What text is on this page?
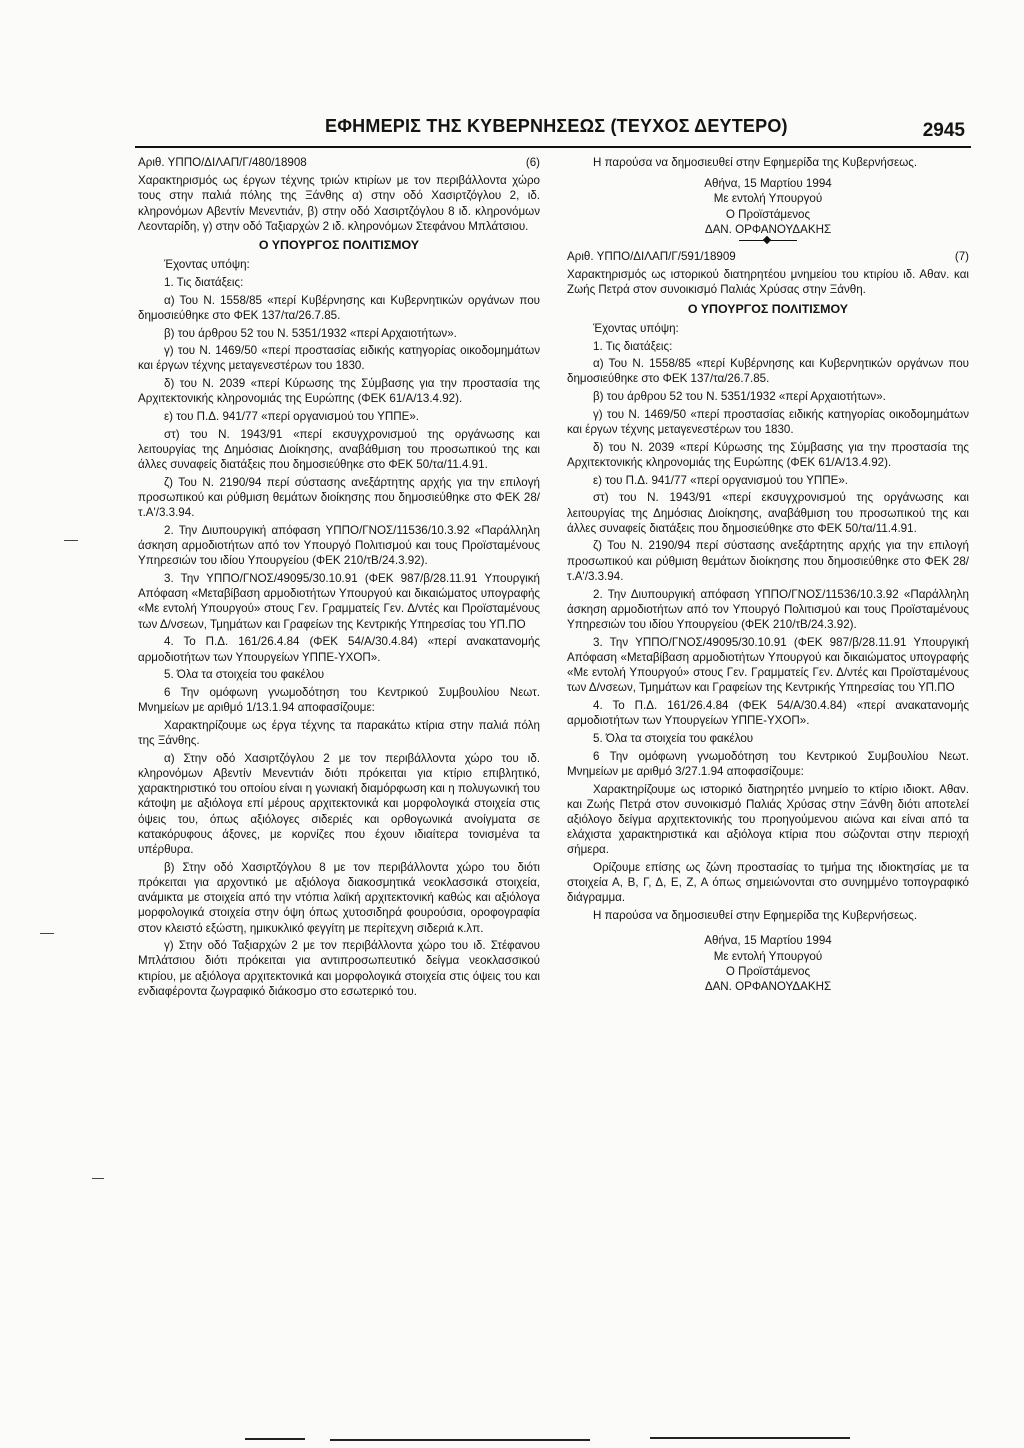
ΕΦΗΜΕΡΙΣ ΤΗΣ ΚΥΒΕΡΝΗΣΕΩΣ (ΤΕΥΧΟΣ ΔΕΥΤΕΡΟ)	2945
Αριθ. ΥΠΠΟ/ΔΙΛΑΠ/Γ/480/18908	(6)

Χαρακτηρισμός ως έργων τέχνης τριών κτιρίων με τον περιβάλλοντα χώρο τους στην παλιά πόλης της Ξάνθης α) στην οδό Χασιρτζόγλου 2, ιδ. κληρονόμων Αβεντίν Μενεντιάν, β) στην οδό Χασιρτζόγλου 8 ιδ. κληρονόμων Λεονταρίδη, γ) στην οδό Ταξιαρχών 2 ιδ. κληρονόμων Στεφάνου Μπλάτσιου.

Ο ΥΠΟΥΡΓΟΣ ΠΟΛΙΤΙΣΜΟΥ

Έχοντας υπόψη:

1. Τις διατάξεις:

α) Του Ν. 1558/85 «περί Κυβέρνησης και Κυβερνητικών οργάνων που δημοσιεύθηκε στο ΦΕΚ 137/τα/26.7.85.

β) του άρθρου 52 του Ν. 5351/1932 «περί Αρχαιοτήτων».

γ) του Ν. 1469/50 «περί προστασίας ειδικής κατηγορίας οικοδομημάτων και έργων τέχνης μεταγενεστέρων του 1830.

δ) του Ν. 2039 «περί Κύρωσης της Σύμβασης για την προστασία της Αρχιτεκτονικής κληρονομιάς της Ευρώπης (ΦΕΚ 61/Α/13.4.92).

ε) του Π.Δ. 941/77 «περί οργανισμού του ΥΠΠΕ».

στ) του Ν. 1943/91 «περί εκσυγχρονισμού της οργάνωσης και λειτουργίας της Δημόσιας Διοίκησης, αναβάθμιση του προσωπικού της και άλλες συναφείς διατάξεις που δημοσιεύθηκε στο ΦΕΚ 50/τα/11.4.91.

ζ) Του Ν. 2190/94 περί σύστασης ανεξάρτητης αρχής για την επιλογή προσωπικού και ρύθμιση θεμάτων διοίκησης που δημοσιεύθηκε στο ΦΕΚ 28/τ.Α'/3.3.94.

2. Την Διυπουργική απόφαση ΥΠΠΟ/ΓΝΟΣ/11536/10.3.92 «Παράλληλη άσκηση αρμοδιοτήτων από τον Υπουργό Πολιτισμού και τους Προϊσταμένους Υπηρεσιών του ιδίου Υπουργείου (ΦΕΚ 210/τΒ/24.3.92).

3. Την ΥΠΠΟ/ΓΝΟΣ/49095/30.10.91 (ΦΕΚ 987/β/28.11.91 Υπουργική Απόφαση «Μεταβίβαση αρμοδιοτήτων Υπουργού και δικαιώματος υπογραφής «Με εντολή Υπουργού» στους Γεν. Γραμματείς Γεν. Δ/ντές και Προϊσταμένους των Δ/νσεων, Τμημάτων και Γραφείων της Κεντρικής Υπηρεσίας του ΥΠ.ΠΟ

4. Το Π.Δ. 161/26.4.84 (ΦΕΚ 54/Α/30.4.84) «περί ανακατανομής αρμοδιοτήτων των Υπουργείων ΥΠΠΕ-ΥΧΟΠ».

5. Όλα τα στοιχεία του φακέλου

6 Την ομόφωνη γνωμοδότηση του Κεντρικού Συμβουλίου Νεωτ. Μνημείων με αριθμό 1/13.1.94 αποφασίζουμε:

Χαρακτηρίζουμε ως έργα τέχνης τα παρακάτω κτίρια στην παλιά πόλη της Ξάνθης.

α) Στην οδό Χασιρτζόγλου 2 με τον περιβάλλοντα χώρο του ιδ. κληρονόμων Αβεντίν Μενεντιάν διότι πρόκειται για κτίριο επιβλητικό, χαρακτηριστικό του οποίου είναι η γωνιακή διαμόρφωση και η πολυγωνική του κάτοψη με αξιόλογα επί μέρους αρχιτεκτονικά και μορφολογικά στοιχεία στις όψεις του, όπως αξιόλογες σιδεριές και ορθογωνικά ανοίγματα σε κατακόρυφους άξονες, με κορνίζες που έχουν ιδιαίτερα τονισμένα τα υπέρθυρα.

β) Στην οδό Χασιρτζόγλου 8 με τον περιβάλλοντα χώρο του διότι πρόκειται για αρχοντικό με αξιόλογα διακοσμητικά νεοκλασσικά στοιχεία, ανάμικτα με στοιχεία από την ντόπια λαϊκή αρχιτεκτονική καθώς και αξιόλογα μορφολογικά στοιχεία στην όψη όπως χυτοσιδηρά φουρούσια, οροφογραφία στον κλειστό εξώστη, ημικυκλικό φεγγίτη με περίτεχνη σιδεριά κ.λπ.

γ) Στην οδό Ταξιαρχών 2 με τον περιβάλλοντα χώρο του ιδ. Στέφανου Μπλάτσιου διότι πρόκειται για αντιπροσωπευτικό δείγμα νεοκλασσικού κτιρίου, με αξιόλογα αρχιτεκτονικά και μορφολογικά στοιχεία στις όψεις του και ενδιαφέροντα ζωγραφικό διάκοσμο στο εσωτερικό του.

Η παρούσα να δημοσιευθεί στην Εφημερίδα της Κυβερνήσεως.

Αθήνα, 15 Μαρτίου 1994

Με εντολή Υπουργού

Ο Προϊστάμενος

ΔΑΝ. ΟΡΦΑΝΟΥΔΑΚΗΣ

Αριθ. ΥΠΠΟ/ΔΙΛΑΠ/Γ/591/18909	(7)

Χαρακτηρισμός ως ιστορικού διατηρητέου μνημείου του κτιρίου ιδ. Αθαν. και Ζωής Πετρά στον συνοικισμό Παλιάς Χρύσας στην Ξάνθη.

Ο ΥΠΟΥΡΓΟΣ ΠΟΛΙΤΙΣΜΟΥ

Έχοντας υπόψη:

1. Τις διατάξεις:

α) Του Ν. 1558/85 «περί Κυβέρνησης και Κυβερνητικών οργάνων που δημοσιεύθηκε στο ΦΕΚ 137/τα/26.7.85.

β) του άρθρου 52 του Ν. 5351/1932 «περί Αρχαιοτήτων».

γ) του Ν. 1469/50 «περί προστασίας ειδικής κατηγορίας οικοδομημάτων και έργων τέχνης μεταγενεστέρων του 1830.

δ) του Ν. 2039 «περί Κύρωσης της Σύμβασης για την προστασία της Αρχιτεκτονικής κληρονομιάς της Ευρώπης (ΦΕΚ 61/Α/13.4.92).

ε) του Π.Δ. 941/77 «περί οργανισμού του ΥΠΠΕ».

στ) του Ν. 1943/91 «περί εκσυγχρονισμού της οργάνωσης και λειτουργίας της Δημόσιας Διοίκησης, αναβάθμιση του προσωπικού της και άλλες συναφείς διατάξεις που δημοσιεύθηκε στο ΦΕΚ 50/τα/11.4.91.

ζ) Του Ν. 2190/94 περί σύστασης ανεξάρτητης αρχής για την επιλογή προσωπικού και ρύθμιση θεμάτων διοίκησης που δημοσιεύθηκε στο ΦΕΚ 28/τ.Α'/3.3.94.

2. Την Διυπουργική απόφαση ΥΠΠΟ/ΓΝΟΣ/11536/10.3.92 «Παράλληλη άσκηση αρμοδιοτήτων από τον Υπουργό Πολιτισμού και τους Προϊσταμένους Υπηρεσιών του ιδίου Υπουργείου (ΦΕΚ 210/τΒ/24.3.92).

3. Την ΥΠΠΟ/ΓΝΟΣ/49095/30.10.91 (ΦΕΚ 987/β/28.11.91 Υπουργική Απόφαση «Μεταβίβαση αρμοδιοτήτων Υπουργού και δικαιώματος υπογραφής «Με εντολή Υπουργού» στους Γεν. Γραμματείς Γεν. Δ/ντές και Προϊσταμένους των Δ/νσεων, Τμημάτων και Γραφείων της Κεντρικής Υπηρεσίας του ΥΠ.ΠΟ

4. Το Π.Δ. 161/26.4.84 (ΦΕΚ 54/Α/30.4.84) «περί ανακατανομής αρμοδιοτήτων των Υπουργείων ΥΠΠΕ-ΥΧΟΠ».

5. Όλα τα στοιχεία του φακέλου

6 Την ομόφωνη γνωμοδότηση του Κεντρικού Συμβουλίου Νεωτ. Μνημείων με αριθμό 3/27.1.94 αποφασίζουμε:

Χαρακτηρίζουμε ως ιστορικό διατηρητέο μνημείο το κτίριο ιδιοκτ. Αθαν. και Ζωής Πετρά στον συνοικισμό Παλιάς Χρύσας στην Ξάνθη διότι αποτελεί αξιόλογο δείγμα αρχιτεκτονικής του προηγούμενου αιώνα και είναι από τα ελάχιστα χαρακτηριστικά και αξιόλογα κτίρια που σώζονται στην περιοχή σήμερα.

Ορίζουμε επίσης ως ζώνη προστασίας το τμήμα της ιδιοκτησίας με τα στοιχεία Α, Β, Γ, Δ, Ε, Ζ, Α όπως σημειώνονται στο συνημμένο τοπογραφικό διάγραμμα.

Η παρούσα να δημοσιευθεί στην Εφημερίδα της Κυβερνήσεως.

Αθήνα, 15 Μαρτίου 1994

Με εντολή Υπουργού

Ο Προϊστάμενος

ΔΑΝ. ΟΡΦΑΝΟΥΔΑΚΗΣ
